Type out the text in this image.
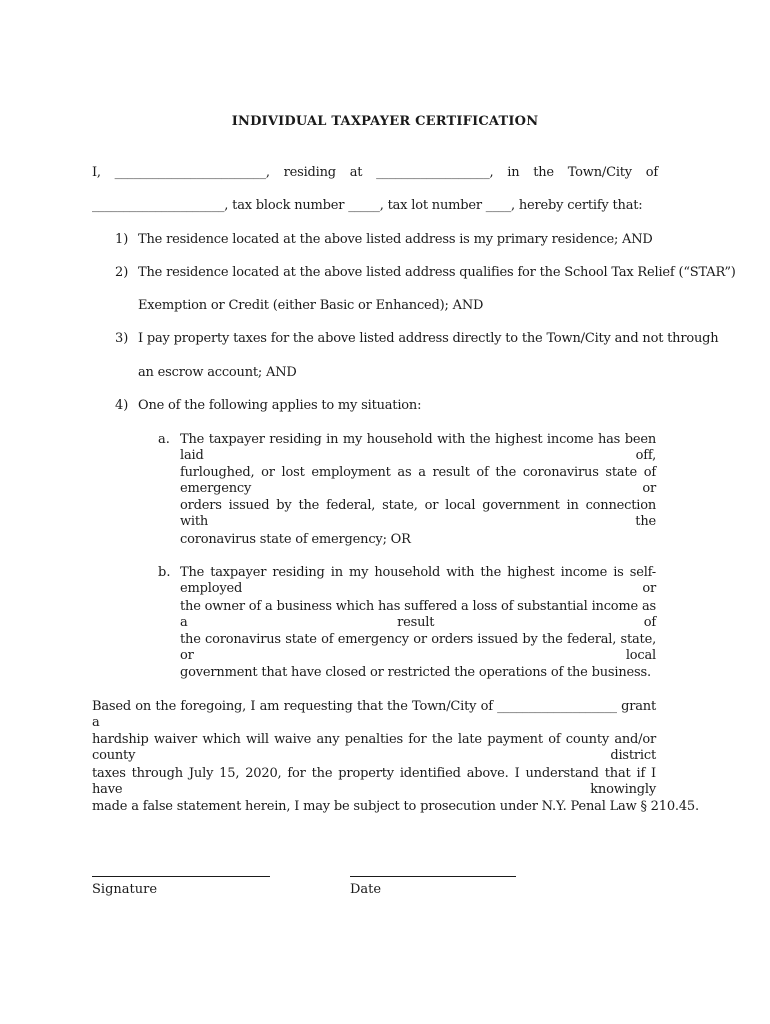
INDIVIDUAL TAXPAYER CERTIFICATION
I, ________________________, residing at __________________, in the Town/City of
_____________________, tax block number _____, tax lot number ____, hereby certify that:
1) The residence located at the above listed address is my primary residence; AND
2) The residence located at the above listed address qualifies for the School Tax Relief (“STAR”)
Exemption or Credit (either Basic or Enhanced); AND
3) I pay property taxes for the above listed address directly to the Town/City and not through
an escrow account; AND
4) One of the following applies to my situation:
a. The taxpayer residing in my household with the highest income has been laid off,
furloughed, or lost employment as a result of the coronavirus state of emergency or
orders issued by the federal, state, or local government in connection with the
coronavirus state of emergency; OR
b. The taxpayer residing in my household with the highest income is self-employed or
the owner of a business which has suffered a loss of substantial income as a result of
the coronavirus state of emergency or orders issued by the federal, state, or local
government that have closed or restricted the operations of the business.
Based on the foregoing, I am requesting that the Town/City of ___________________ grant a
hardship waiver which will waive any penalties for the late payment of county and/or county district
taxes through July 15, 2020, for the property identified above. I understand that if I have knowingly
made a false statement herein, I may be subject to prosecution under N.Y. Penal Law § 210.45.
Signature	Date
